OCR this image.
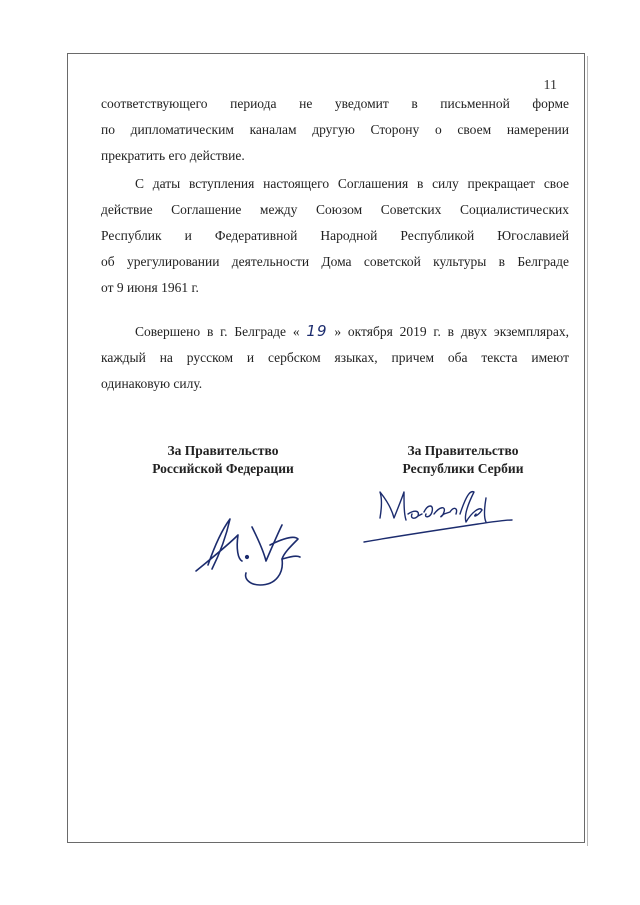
11
соответствующего периода не уведомит в письменной форме
по дипломатическим каналам другую Сторону о своем намерении
прекратить его действие.
С даты вступления настоящего Соглашения в силу прекращает свое
действие Соглашение между Союзом Советских Социалистических
Республик и Федеративной Народной Республикой Югославией
об урегулировании деятельности Дома советской культуры в Белграде
от 9 июня 1961 г.
Совершено в г. Белграде « 19 » октября 2019 г. в двух экземплярах,
каждый на русском и сербском языках, причем оба текста имеют
одинаковую силу.
За Правительство
Российской Федерации
За Правительство
Республики Сербии
